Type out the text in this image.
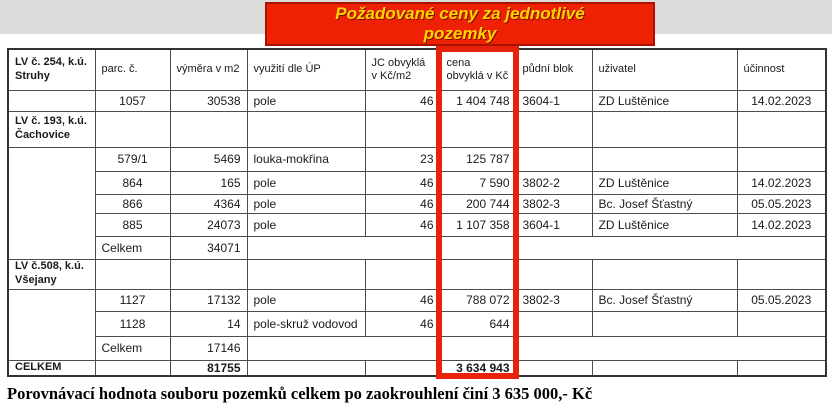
Požadované ceny za jednotlivé
pozemky
LV č. 254, k.ú. Struhy	parc. č.	výměra v m2	využití dle ÚP	JC obvyklá v Kč/m2	cena obvyklá v Kč	půdní blok	uživatel	účinnost
	1057	30538	pole	46	1 404 748	3604-1	ZD Luštěnice	14.02.2023
LV č. 193, k.ú. Čachovice								
	579/1	5469	louka-mokřina	23	125 787			
	864	165	pole	46	7 590	3802-2	ZD Luštěnice	14.02.2023
	866	4364	pole	46	200 744	3802-3	Bc. Josef Šťastný	05.05.2023
	885	24073	pole	46	1 107 358	3604-1	ZD Luštěnice	14.02.2023
	Celkem	34071						
LV č.508, k.ú. Všejany								
	1127	17132	pole	46	788 072	3802-3	Bc. Josef Šťastný	05.05.2023
	1128	14	pole-skruž vodovod	46	644			
	Celkem	17146						
CELKEM		81755			3 634 943			
Porovnávací hodnota souboru pozemků celkem po zaokrouhlení činí 3 635 000,- Kč
